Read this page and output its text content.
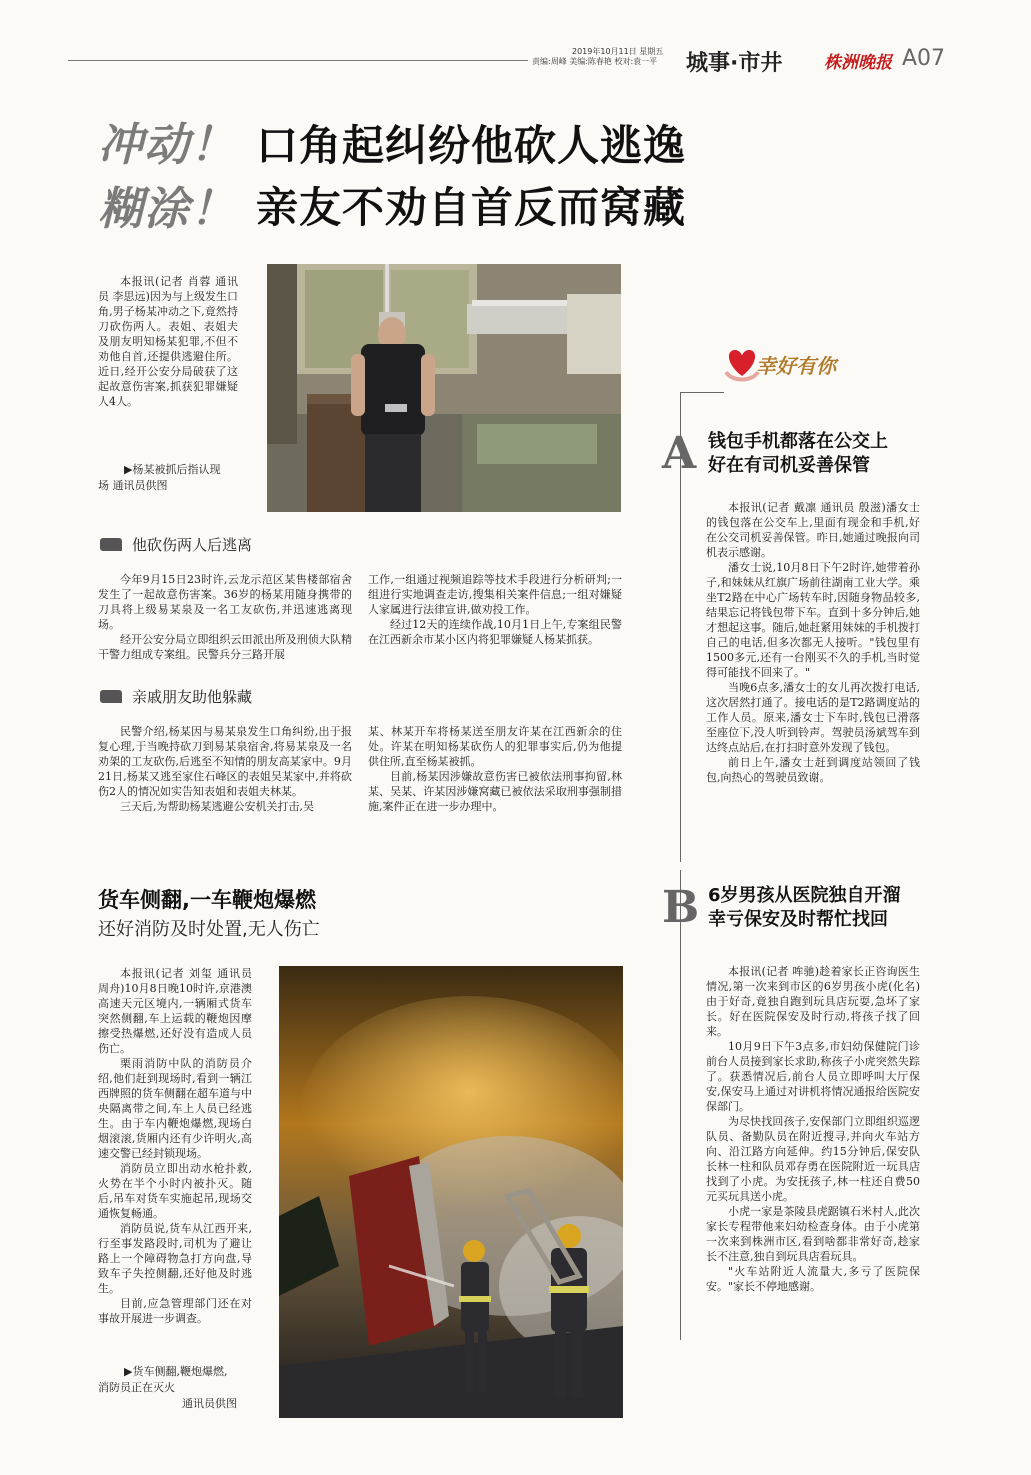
2019年10月11日 星期五
责编:周峰 美编:陈春艳 校对:袁一平 城事·市井 株洲晚报 A07
冲动！
糊涂！
口角起纠纷他砍人逃逸
亲友不劝自首反而窝藏

本报讯(记者 肖蓉 通讯员 李思远)因为与上级发生口角,男子杨某冲动之下,竟然持刀砍伤两人。表姐、表姐夫及朋友明知杨某犯罪,不但不劝他自首,还提供逃避住所。近日,经开公安分局破获了这起故意伤害案,抓获犯罪嫌疑人4人。

▶杨某被抓后指认现
场 通讯员供图
他砍伤两人后逃离

今年9月15日23时许,云龙示范区某售楼部宿舍发生了一起故意伤害案。36岁的杨某用随身携带的刀具将上级易某泉及一名工友砍伤,并迅速逃离现场。

经开公安分局立即组织云田派出所及刑侦大队精干警力组成专案组。民警兵分三路开展

工作,一组通过视频追踪等技术手段进行分析研判;一组进行实地调查走访,搜集相关案件信息;一组对嫌疑人家属进行法律宣讲,做劝投工作。

经过12天的连续作战,10月1日上午,专案组民警在江西新余市某小区内将犯罪嫌疑人杨某抓获。

亲戚朋友助他躲藏

民警介绍,杨某因与易某泉发生口角纠纷,出于报复心理,于当晚持砍刀到易某泉宿舍,将易某泉及一名劝架的工友砍伤,后逃至不知情的朋友高某家中。9月21日,杨某又逃至家住石峰区的表姐吴某家中,并将砍伤2人的情况如实告知表姐和表姐夫林某。

三天后,为帮助杨某逃避公安机关打击,吴

某、林某开车将杨某送至朋友许某在江西新余的住处。许某在明知杨某砍伤人的犯罪事实后,仍为他提供住所,直至杨某被抓。

目前,杨某因涉嫌故意伤害已被依法刑事拘留,林某、吴某、许某因涉嫌窝藏已被依法采取刑事强制措施,案件正在进一步办理中。

货车侧翻,一车鞭炮爆燃
还好消防及时处置,无人伤亡

本报讯(记者 刘玺 通讯员 周舟)10月8日晚10时许,京港澳高速天元区境内,一辆厢式货车突然侧翻,车上运载的鞭炮因摩擦受热爆燃,还好没有造成人员伤亡。

栗雨消防中队的消防员介绍,他们赶到现场时,看到一辆江西牌照的货车侧翻在超车道与中央隔离带之间,车上人员已经逃生。由于车内鞭炮爆燃,现场白烟滚滚,货厢内还有少许明火,高速交警已经封锁现场。

消防员立即出动水枪扑救,火势在半个小时内被扑灭。随后,吊车对货车实施起吊,现场交通恢复畅通。

消防员说,货车从江西开来,行至事发路段时,司机为了避让路上一个障碍物急打方向盘,导致车子失控侧翻,还好他及时逃生。

目前,应急管理部门还在对事故开展进一步调查。

▶货车侧翻,鞭炮爆燃,
消防员正在灭火
通讯员供图
幸好有你
A 钱包手机都落在公交上
好在有司机妥善保管

本报讯(记者 戴凛 通讯员 殷滋)潘女士的钱包落在公交车上,里面有现金和手机,好在公交司机妥善保管。昨日,她通过晚报向司机表示感谢。

潘女士说,10月8日下午2时许,她带着孙子,和妹妹从红旗广场前往湖南工业大学。乘坐T2路在中心广场转车时,因随身物品较多,结果忘记将钱包带下车。直到十多分钟后,她才想起这事。随后,她赶紧用妹妹的手机拨打自己的电话,但多次都无人接听。"钱包里有1500多元,还有一台刚买不久的手机,当时觉得可能找不回来了。"

当晚6点多,潘女士的女儿再次拨打电话,这次居然打通了。接电话的是T2路调度站的工作人员。原来,潘女士下车时,钱包已滑落至座位下,没人听到铃声。驾驶员汤斌驾车到达终点站后,在打扫时意外发现了钱包。

前日上午,潘女士赶到调度站领回了钱包,向热心的驾驶员致谢。

B 6岁男孩从医院独自开溜
幸亏保安及时帮忙找回

本报讯(记者 哞驰)趁着家长正咨询医生情况,第一次来到市区的6岁男孩小虎(化名)由于好奇,竟独自跑到玩具店玩耍,急坏了家长。好在医院保安及时行动,将孩子找了回来。

10月9日下午3点多,市妇幼保健院门诊前台人员接到家长求助,称孩子小虎突然失踪了。获悉情况后,前台人员立即呼叫大厅保安,保安马上通过对讲机将情况通报给医院安保部门。

为尽快找回孩子,安保部门立即组织巡逻队员、备勤队员在附近搜寻,并向火车站方向、沿江路方向延伸。约15分钟后,保安队长林一柱和队员邓存勇在医院附近一玩具店找到了小虎。为安抚孩子,林一柱还自费50元买玩具送小虎。

小虎一家是茶陵县虎踞镇石米村人,此次家长专程带他来妇幼检查身体。由于小虎第一次来到株洲市区,看到啥都非常好奇,趁家长不注意,独自到玩具店看玩具。

"火车站附近人流量大,多亏了医院保安。"家长不停地感谢。
